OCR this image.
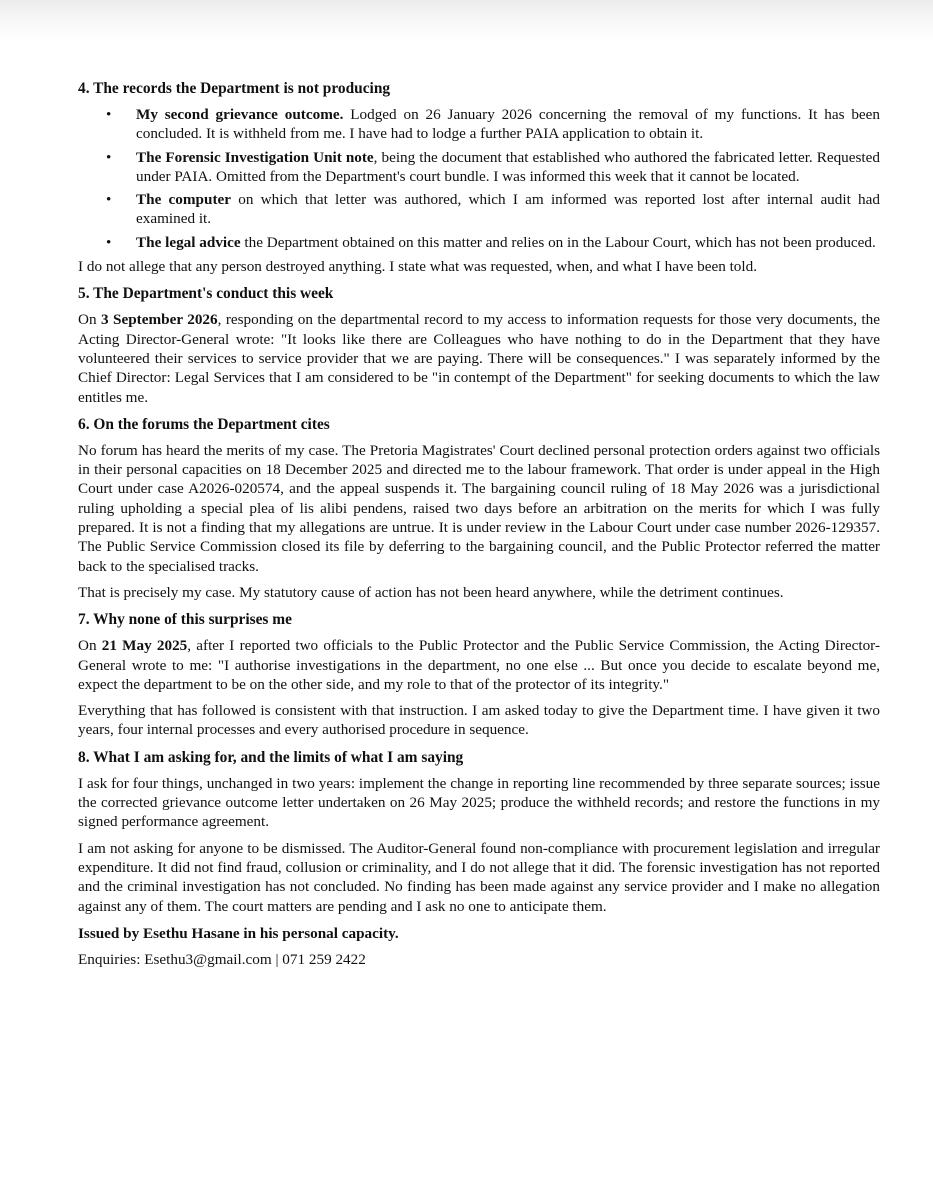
4. The records the Department is not producing
• My second grievance outcome. Lodged on 26 January 2026 concerning the removal of my functions. It has been concluded. It is withheld from me. I have had to lodge a further PAIA application to obtain it.
• The Forensic Investigation Unit note, being the document that established who authored the fabricated letter. Requested under PAIA. Omitted from the Department's court bundle. I was informed this week that it cannot be located.
• The computer on which that letter was authored, which I am informed was reported lost after internal audit had examined it.
• The legal advice the Department obtained on this matter and relies on in the Labour Court, which has not been produced.

I do not allege that any person destroyed anything. I state what was requested, when, and what I have been told.

5. The Department's conduct this week

On 3 September 2026, responding on the departmental record to my access to information requests for those very documents, the Acting Director-General wrote: "It looks like there are Colleagues who have nothing to do in the Department that they have volunteered their services to service provider that we are paying. There will be consequences." I was separately informed by the Chief Director: Legal Services that I am considered to be "in contempt of the Department" for seeking documents to which the law entitles me.

6. On the forums the Department cites

No forum has heard the merits of my case. The Pretoria Magistrates' Court declined personal protection orders against two officials in their personal capacities on 18 December 2025 and directed me to the labour framework. That order is under appeal in the High Court under case A2026-020574, and the appeal suspends it. The bargaining council ruling of 18 May 2026 was a jurisdictional ruling upholding a special plea of lis alibi pendens, raised two days before an arbitration on the merits for which I was fully prepared. It is not a finding that my allegations are untrue. It is under review in the Labour Court under case number 2026-129357. The Public Service Commission closed its file by deferring to the bargaining council, and the Public Protector referred the matter back to the specialised tracks.

That is precisely my case. My statutory cause of action has not been heard anywhere, while the detriment continues.

7. Why none of this surprises me

On 21 May 2025, after I reported two officials to the Public Protector and the Public Service Commission, the Acting Director-General wrote to me: "I authorise investigations in the department, no one else ... But once you decide to escalate beyond me, expect the department to be on the other side, and my role to that of the protector of its integrity."

Everything that has followed is consistent with that instruction. I am asked today to give the Department time. I have given it two years, four internal processes and every authorised procedure in sequence.

8. What I am asking for, and the limits of what I am saying

I ask for four things, unchanged in two years: implement the change in reporting line recommended by three separate sources; issue the corrected grievance outcome letter undertaken on 26 May 2025; produce the withheld records; and restore the functions in my signed performance agreement.

I am not asking for anyone to be dismissed. The Auditor-General found non-compliance with procurement legislation and irregular expenditure. It did not find fraud, collusion or criminality, and I do not allege that it did. The forensic investigation has not reported and the criminal investigation has not concluded. No finding has been made against any service provider and I make no allegation against any of them. The court matters are pending and I ask no one to anticipate them.

Issued by Esethu Hasane in his personal capacity.

Enquiries: Esethu3@gmail.com | 071 259 2422
